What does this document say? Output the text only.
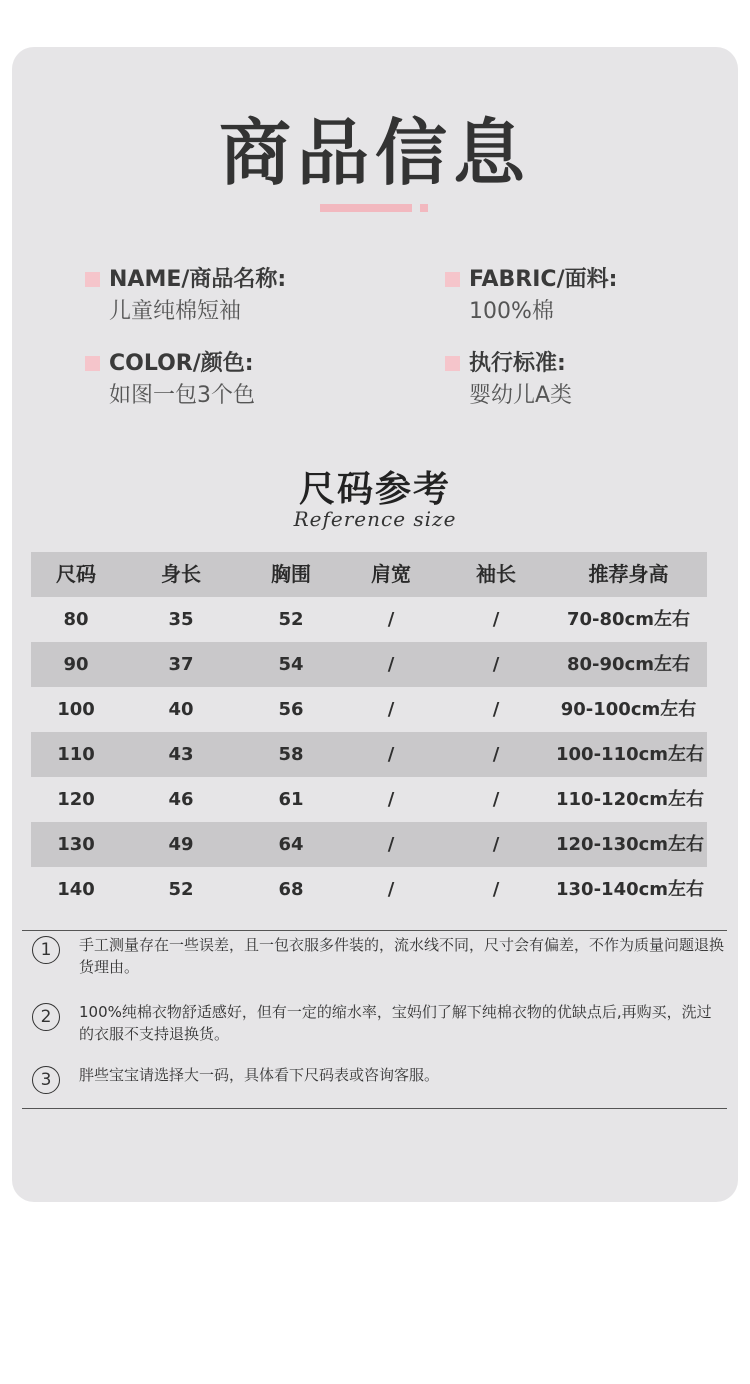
商品信息
NAME/商品名称:
儿童纯棉短袖
FABRIC/面料:
100%棉
COLOR/颜色:
如图一包3个色
执行标准:
婴幼儿A类
尺码参考
Reference size
尺码	身长	胸围	肩宽	袖长	推荐身高
80	35	52	/	/	70-80cm左右
90	37	54	/	/	80-90cm左右
100	40	56	/	/	90-100cm左右
110	43	58	/	/	100-110cm左右
120	46	61	/	/	110-120cm左右
130	49	64	/	/	120-130cm左右
140	52	68	/	/	130-140cm左右
1	手工测量存在一些误差，且一包衣服多件装的，流水线不同，尺寸会有偏差，不作为质量问题退换货理由。
2	100%纯棉衣物舒适感好，但有一定的缩水率，宝妈们了解下纯棉衣物的优缺点后,再购买，洗过的衣服不支持退换货。
3	胖些宝宝请选择大一码，具体看下尺码表或咨询客服。
